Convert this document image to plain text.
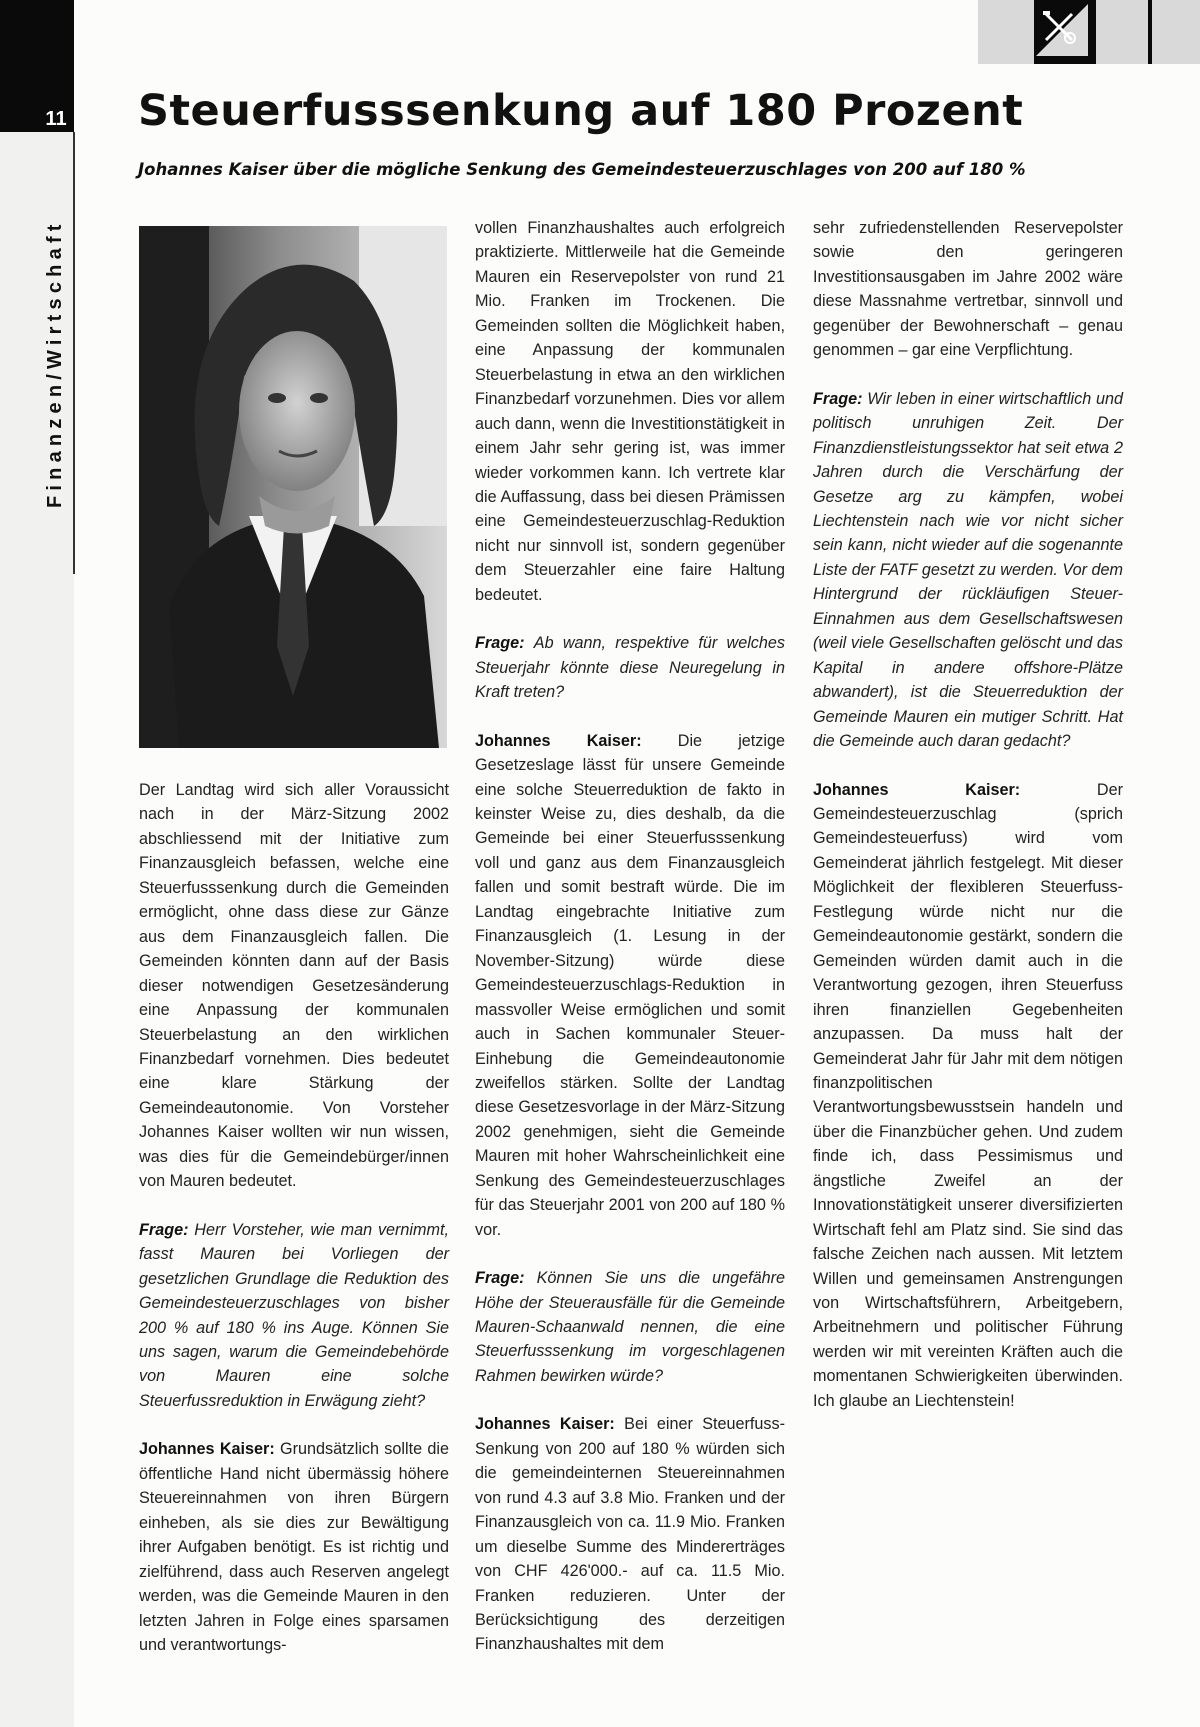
11
Finanzen/Wirtschaft
Steuerfusssenkung auf 180 Prozent

Johannes Kaiser über die mögliche Senkung des Gemeindesteuerzuschlages von 200 auf 180 %

Der Landtag wird sich aller Voraussicht nach in der März-Sitzung 2002 abschliessend mit der Initiative zum Finanzausgleich befassen, welche eine Steuerfusssenkung durch die Gemeinden ermöglicht, ohne dass diese zur Gänze aus dem Finanzausgleich fallen. Die Gemeinden könnten dann auf der Basis dieser notwendigen Gesetzesänderung eine Anpassung der kommunalen Steuerbelastung an den wirklichen Finanzbedarf vornehmen. Dies bedeutet eine klare Stärkung der Gemeindeautonomie. Von Vorsteher Johannes Kaiser wollten wir nun wissen, was dies für die Gemeindebürger/innen von Mauren bedeutet.

Frage: Herr Vorsteher, wie man vernimmt, fasst Mauren bei Vorliegen der gesetzlichen Grundlage die Reduktion des Gemeindesteuerzuschlages von bisher 200 % auf 180 % ins Auge. Können Sie uns sagen, warum die Gemeindebehörde von Mauren eine solche Steuerfussreduktion in Erwägung zieht?

Johannes Kaiser: Grundsätzlich sollte die öffentliche Hand nicht übermässig höhere Steuereinnahmen von ihren Bürgern einheben, als sie dies zur Bewältigung ihrer Aufgaben benötigt. Es ist richtig und zielführend, dass auch Reserven angelegt werden, was die Gemeinde Mauren in den letzten Jahren in Folge eines sparsamen und verantwortungs-

vollen Finanzhaushaltes auch erfolgreich praktizierte. Mittlerweile hat die Gemeinde Mauren ein Reservepolster von rund 21 Mio. Franken im Trockenen. Die Gemeinden sollten die Möglichkeit haben, eine Anpassung der kommunalen Steuerbelastung in etwa an den wirklichen Finanzbedarf vorzunehmen. Dies vor allem auch dann, wenn die Investitionstätigkeit in einem Jahr sehr gering ist, was immer wieder vorkommen kann. Ich vertrete klar die Auffassung, dass bei diesen Prämissen eine Gemeindesteuerzuschlag-Reduktion nicht nur sinnvoll ist, sondern gegenüber dem Steuerzahler eine faire Haltung bedeutet.

Frage: Ab wann, respektive für welches Steuerjahr könnte diese Neuregelung in Kraft treten?

Johannes Kaiser: Die jetzige Gesetzeslage lässt für unsere Gemeinde eine solche Steuerreduktion de fakto in keinster Weise zu, dies deshalb, da die Gemeinde bei einer Steuerfusssenkung voll und ganz aus dem Finanzausgleich fallen und somit bestraft würde. Die im Landtag eingebrachte Initiative zum Finanzausgleich (1. Lesung in der November-Sitzung) würde diese Gemeindesteuerzuschlags-Reduktion in massvoller Weise ermöglichen und somit auch in Sachen kommunaler Steuer-Einhebung die Gemeindeautonomie zweifellos stärken. Sollte der Landtag diese Gesetzesvorlage in der März-Sitzung 2002 genehmigen, sieht die Gemeinde Mauren mit hoher Wahrscheinlichkeit eine Senkung des Gemeindesteuerzuschlages für das Steuerjahr 2001 von 200 auf 180 % vor.

Frage: Können Sie uns die ungefähre Höhe der Steuerausfälle für die Gemeinde Mauren-Schaanwald nennen, die eine Steuerfusssenkung im vorgeschlagenen Rahmen bewirken würde?

Johannes Kaiser: Bei einer Steuerfuss-Senkung von 200 auf 180 % würden sich die gemeindeinternen Steuereinnahmen von rund 4.3 auf 3.8 Mio. Franken und der Finanzausgleich von ca. 11.9 Mio. Franken um dieselbe Summe des Mindererträges von CHF 426'000.- auf ca. 11.5 Mio. Franken reduzieren. Unter der Berücksichtigung des derzeitigen Finanzhaushaltes mit dem

sehr zufriedenstellenden Reservepolster sowie den geringeren Investitionsausgaben im Jahre 2002 wäre diese Massnahme vertretbar, sinnvoll und gegenüber der Bewohnerschaft – genau genommen – gar eine Verpflichtung.

Frage: Wir leben in einer wirtschaftlich und politisch unruhigen Zeit. Der Finanzdienstleistungssektor hat seit etwa 2 Jahren durch die Verschärfung der Gesetze arg zu kämpfen, wobei Liechtenstein nach wie vor nicht sicher sein kann, nicht wieder auf die sogenannte Liste der FATF gesetzt zu werden. Vor dem Hintergrund der rückläufigen Steuer-Einnahmen aus dem Gesellschaftswesen (weil viele Gesellschaften gelöscht und das Kapital in andere offshore-Plätze abwandert), ist die Steuerreduktion der Gemeinde Mauren ein mutiger Schritt. Hat die Gemeinde auch daran gedacht?

Johannes Kaiser:	Der Gemeindesteuerzuschlag (sprich Gemeindesteuerfuss) wird vom Gemeinderat jährlich festgelegt. Mit dieser Möglichkeit der flexibleren Steuerfuss-Festlegung würde nicht nur die Gemeindeautonomie gestärkt, sondern die Gemeinden würden damit auch in die Verantwortung gezogen, ihren Steuerfuss ihren finanziellen Gegebenheiten anzupassen. Da muss halt der Gemeinderat Jahr für Jahr mit dem nötigen finanzpolitischen Verantwortungsbewusstsein handeln und über die Finanzbücher gehen. Und zudem finde ich, dass Pessimismus und ängstliche Zweifel an der Innovationstätigkeit unserer diversifizierten Wirtschaft fehl am Platz sind. Sie sind das falsche Zeichen nach aussen. Mit letztem Willen und gemeinsamen Anstrengungen von Wirtschaftsführern, Arbeitgebern, Arbeitnehmern und politischer Führung werden wir mit vereinten Kräften auch die momentanen Schwierigkeiten überwinden. Ich glaube an Liechtenstein!
